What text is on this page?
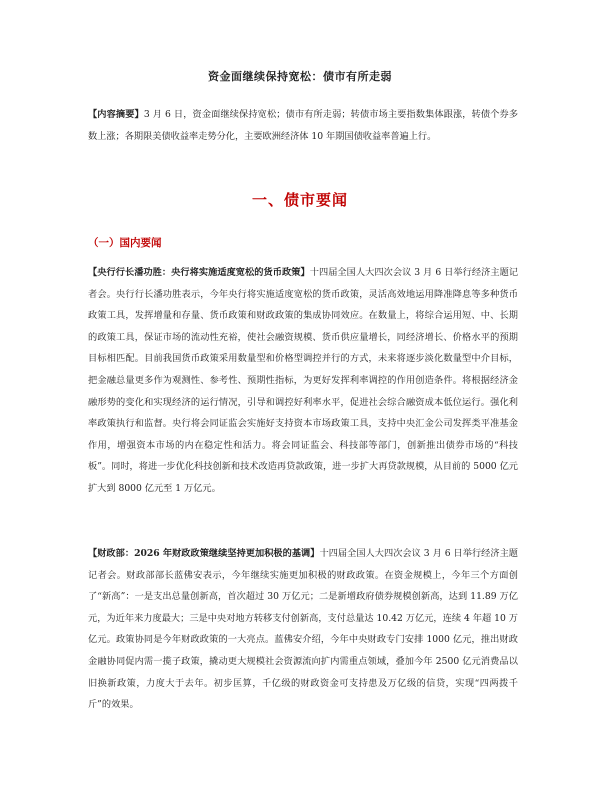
资金面继续保持宽松：债市有所走弱
【内容摘要】3 月 6 日，资金面继续保持宽松；债市有所走弱；转债市场主要指数集体跟涨，转债个券多数上涨；各期限美债收益率走势分化，主要欧洲经济体 10 年期国债收益率普遍上行。
一、债市要闻
（一）国内要闻
【央行行长潘功胜：央行将实施适度宽松的货币政策】十四届全国人大四次会议 3 月 6 日举行经济主题记者会。央行行长潘功胜表示，今年央行将实施适度宽松的货币政策，灵活高效地运用降准降息等多种货币政策工具，发挥增量和存量、货币政策和财政政策的集成协同效应。在数量上，将综合运用短、中、长期的政策工具，保证市场的流动性充裕，使社会融资规模、货币供应量增长，同经济增长、价格水平的预期目标相匹配。目前我国货币政策采用数量型和价格型调控并行的方式，未来将逐步淡化数量型中介目标，把金融总量更多作为观测性、参考性、预期性指标，为更好发挥利率调控的作用创造条件。将根据经济金融形势的变化和实现经济的运行情况，引导和调控好利率水平，促进社会综合融资成本低位运行。强化利率政策执行和监督。央行将会同证监会实施好支持资本市场政策工具，支持中央汇金公司发挥类平准基金作用，增强资本市场的内在稳定性和活力。将会同证监会、科技部等部门，创新推出债券市场的“科技板”。同时，将进一步优化科技创新和技术改造再贷款政策，进一步扩大再贷款规模，从目前的 5000 亿元扩大到 8000 亿元至 1 万亿元。
【财政部：2026 年财政政策继续坚持更加积极的基调】十四届全国人大四次会议 3 月 6 日举行经济主题记者会。财政部部长蓝佛安表示，今年继续实施更加积极的财政政策。在资金规模上，今年三个方面创了“新高”：一是支出总量创新高，首次超过 30 万亿元；二是新增政府债券规模创新高，达到 11.89 万亿元，为近年来力度最大；三是中央对地方转移支付创新高，支付总量达 10.42 万亿元，连续 4 年超 10 万亿元。政策协同是今年财政政策的一大亮点。蓝佛安介绍，今年中央财政专门安排 1000 亿元，推出财政金融协同促内需一揽子政策，撬动更大规模社会资源流向扩内需重点领域，叠加今年 2500 亿元消费品以旧换新政策，力度大于去年。初步匡算，千亿级的财政资金可支持患及万亿级的信贷，实现“四两拨千斤”的效果。
